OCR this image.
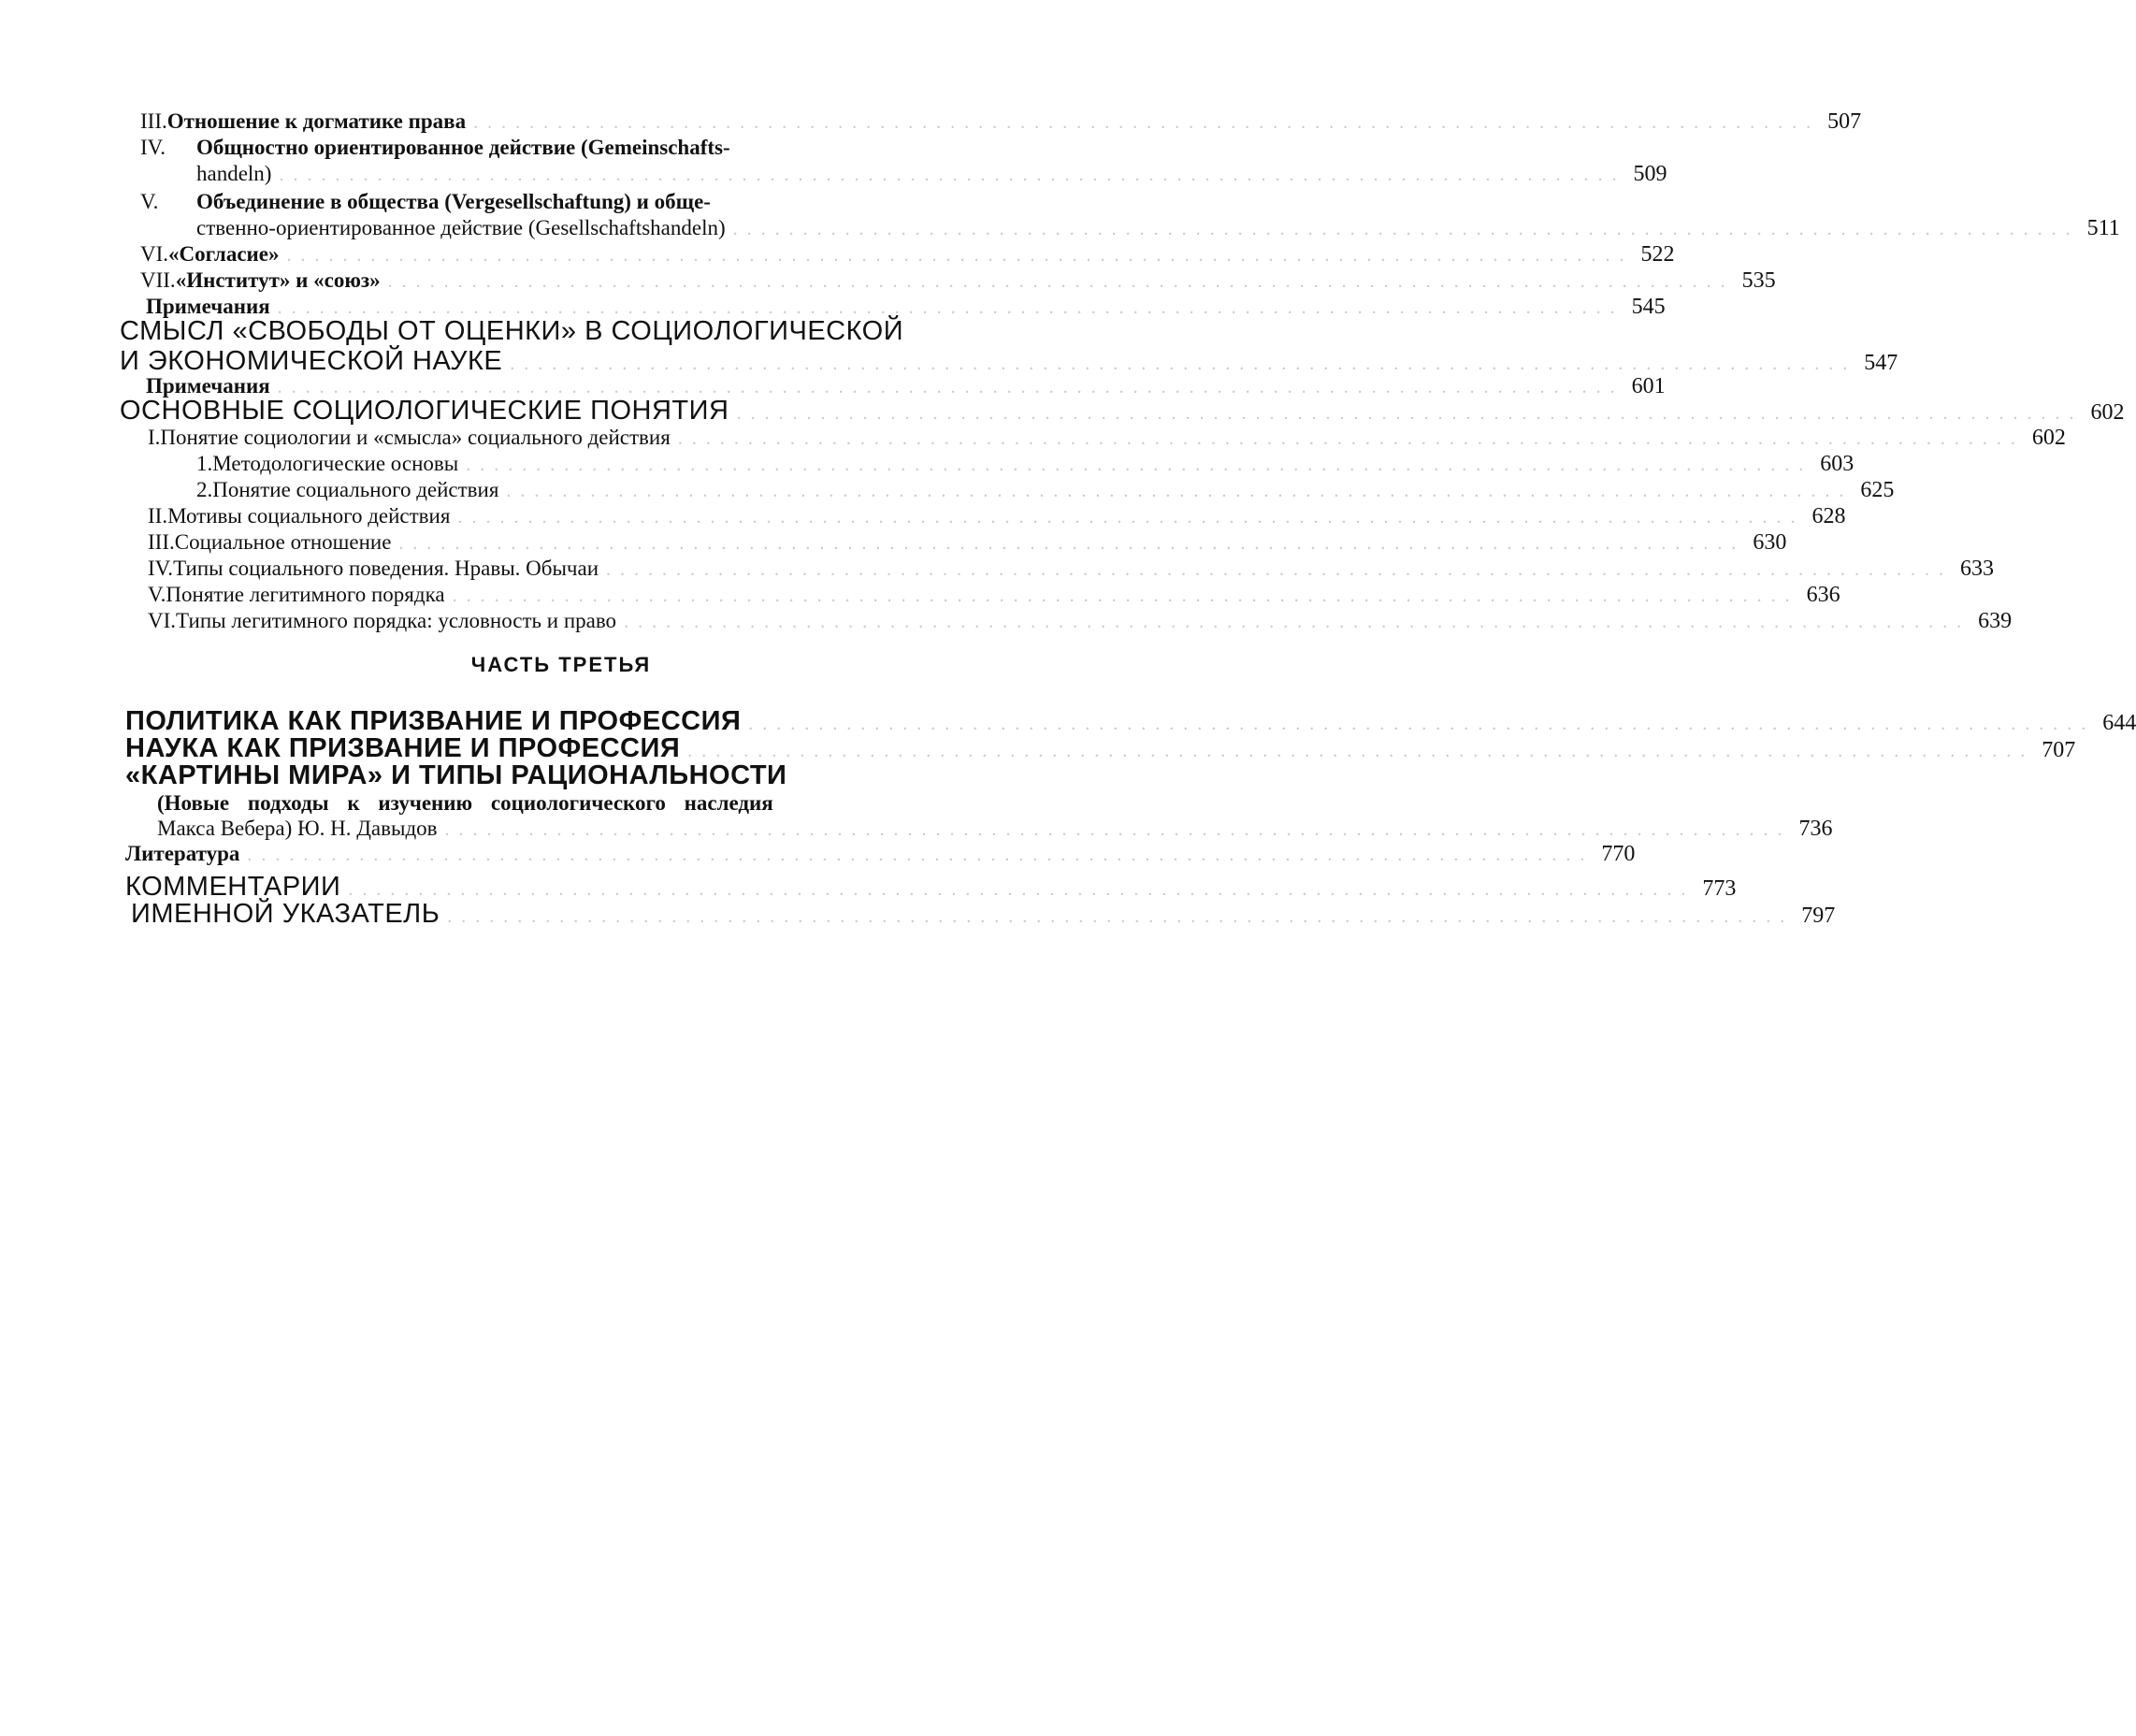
III. Отношение к догматике права ................................................................................................ 507
IV.	Общностно ориентированное действие (Gemeinschafts-
handeln) ................................................................................................ 509
V.	Объединение в общества (Vergesellschaftung) и обще-
ственно-ориентированное действие (Gesellschaftshandeln) ................................................................................................ 511
VI. «Согласие» ................................................................................................ 522
VII. «Институт» и «союз» ................................................................................................ 535
Примечания ................................................................................................ 545
СМЫСЛ «СВОБОДЫ ОТ ОЦЕНКИ» В СОЦИОЛОГИЧЕСКОЙ
И ЭКОНОМИЧЕСКОЙ НАУКЕ ................................................................................................ 547
Примечания ................................................................................................ 601
ОСНОВНЫЕ СОЦИОЛОГИЧЕСКИЕ ПОНЯТИЯ ................................................................................................ 602
I. Понятие социологии и «смысла» социального действия ................................................................................................ 602
1. Методологические основы ................................................................................................ 603
2. Понятие социального действия ................................................................................................ 625
II. Мотивы социального действия ................................................................................................ 628
III. Социальное отношение ................................................................................................ 630
IV. Типы социального поведения. Нравы. Обычаи ................................................................................................ 633
V. Понятие легитимного порядка ................................................................................................ 636
VI. Типы легитимного порядка: условность и право ................................................................................................ 639
ЧАСТЬ ТРЕТЬЯ
ПОЛИТИКА КАК ПРИЗВАНИЕ И ПРОФЕССИЯ ................................................................................................ 644
НАУКА КАК ПРИЗВАНИЕ И ПРОФЕССИЯ ................................................................................................ 707
«КАРТИНЫ МИРА» И ТИПЫ РАЦИОНАЛЬНОСТИ
(Новые подходы к изучению социологического наследия
Макса Вебера) Ю. Н. Давыдов ................................................................................................ 736
Литература ................................................................................................ 770
КОММЕНТАРИИ ................................................................................................ 773
ИМЕННОЙ УКАЗАТЕЛЬ ................................................................................................ 797
